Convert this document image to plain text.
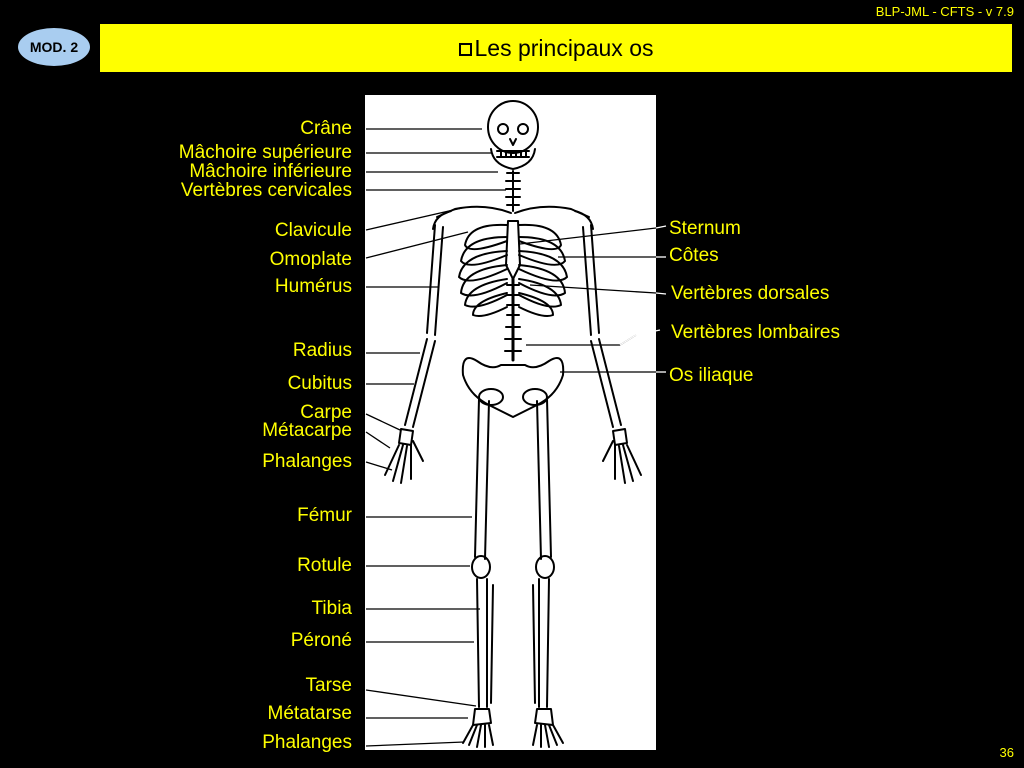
BLP-JML - CFTS - v 7.9
MOD. 2	Les principaux os
Crâne
Mâchoire supérieure
Mâchoire inférieure
Vertèbres cervicales
Clavicule
Omoplate
Humérus
Radius
Cubitus
Carpe
Métacarpe
Phalanges
Fémur
Rotule
Tibia
Péroné
Tarse
Métatarse
Phalanges
Sternum
Côtes
Vertèbres dorsales
Vertèbres lombaires
Os iliaque
36
